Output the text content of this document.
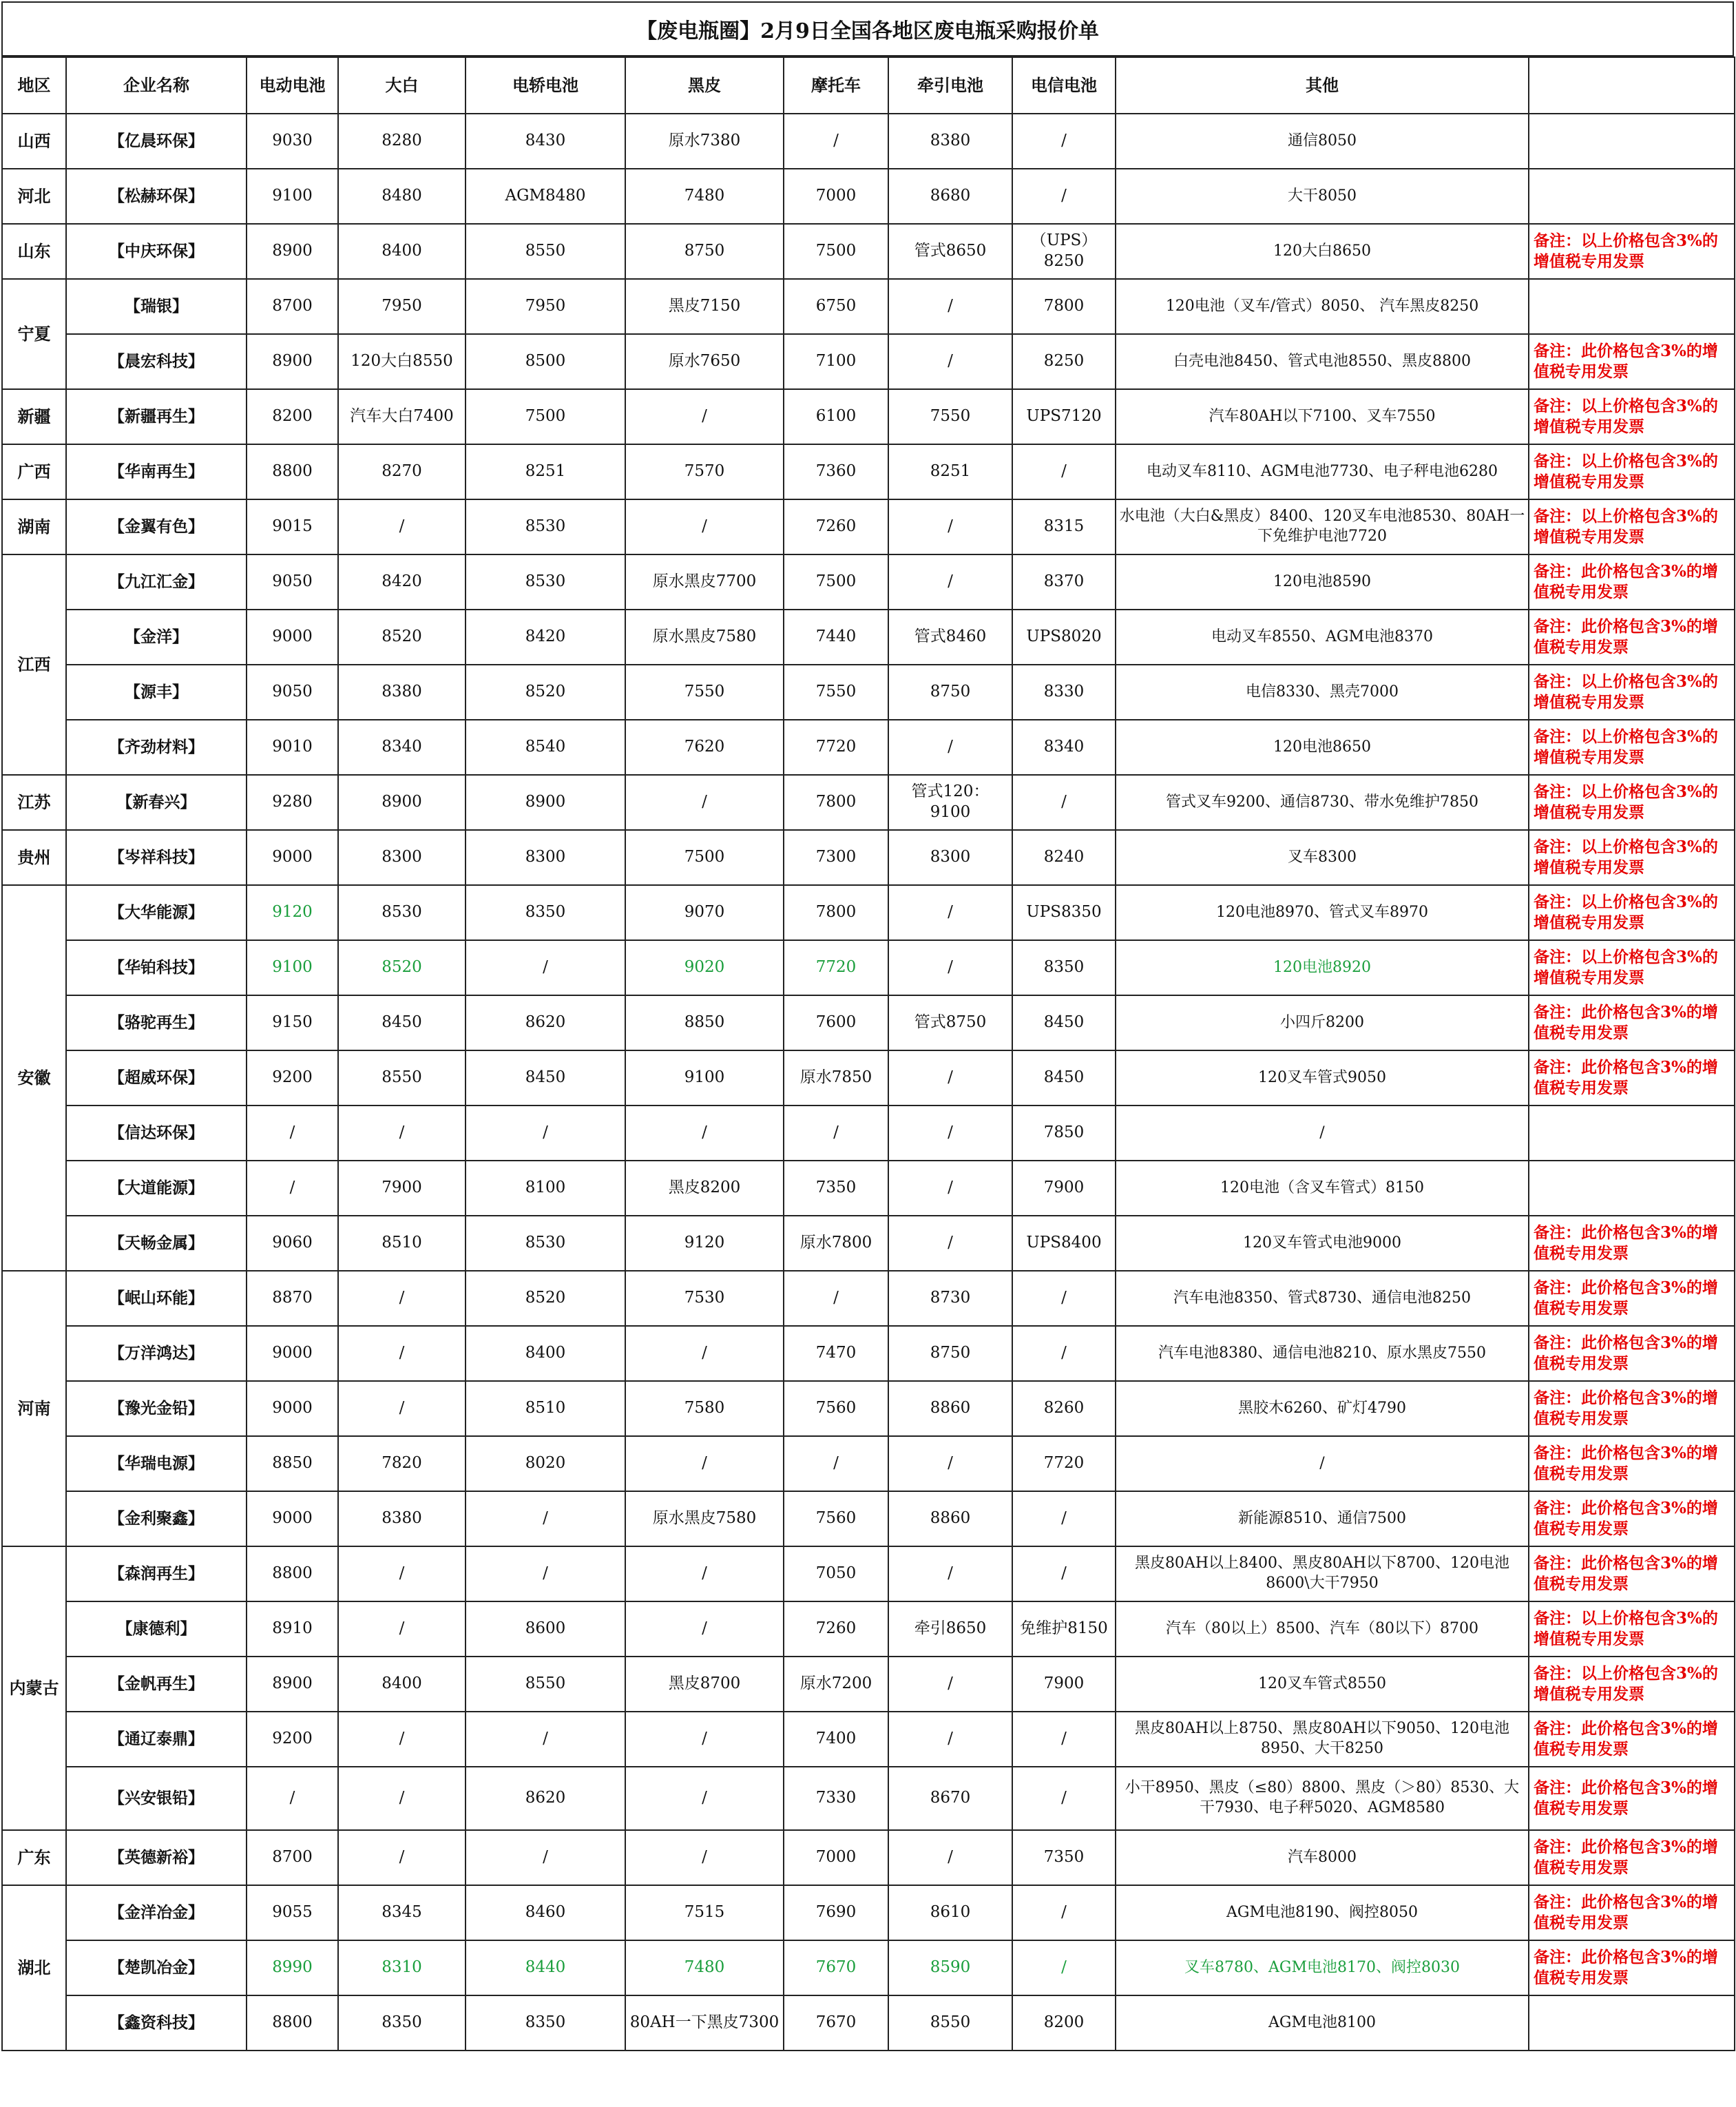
【废电瓶圈】2月9日全国各地区废电瓶采购报价单
地区	企业名称	电动电池	大白	电轿电池	黑皮	摩托车	牵引电池	电信电池	其他	
山西	【亿晨环保】	9030	8280	8430	原水7380	/	8380	/	通信8050	
河北	【松赫环保】	9100	8480	AGM8480	7480	7000	8680	/	大干8050	
山东	【中庆环保】	8900	8400	8550	8750	7500	管式8650	（UPS）8250	120大白8650	备注：以上价格包含3%的增值税专用发票
宁夏	【瑞银】	8700	7950	7950	黑皮7150	6750	/	7800	120电池（叉车/管式）8050、 汽车黑皮8250	
	【晨宏科技】	8900	120大白8550	8500	原水7650	7100	/	8250	白壳电池8450、管式电池8550、黑皮8800	备注：此价格包含3%的增值税专用发票
新疆	【新疆再生】	8200	汽车大白7400	7500	/	6100	7550	UPS7120	汽车80AH以下7100、叉车7550	备注：以上价格包含3%的增值税专用发票
广西	【华南再生】	8800	8270	8251	7570	7360	8251	/	电动叉车8110、AGM电池7730、电子秤电池6280	备注：以上价格包含3%的增值税专用发票
湖南	【金翼有色】	9015	/	8530	/	7260	/	8315	水电池（大白&黑皮）8400、120叉车电池8530、80AH一下免维护电池7720	备注：以上价格包含3%的增值税专用发票
江西	【九江汇金】	9050	8420	8530	原水黑皮7700	7500	/	8370	120电池8590	备注：此价格包含3%的增值税专用发票
	【金洋】	9000	8520	8420	原水黑皮7580	7440	管式8460	UPS8020	电动叉车8550、AGM电池8370	备注：此价格包含3%的增值税专用发票
	【源丰】	9050	8380	8520	7550	7550	8750	8330	电信8330、黑壳7000	备注：以上价格包含3%的增值税专用发票
	【齐劲材料】	9010	8340	8540	7620	7720	/	8340	120电池8650	备注：以上价格包含3%的增值税专用发票
江苏	【新春兴】	9280	8900	8900	/	7800	管式120：9100	/	管式叉车9200、通信8730、带水免维护7850	备注：以上价格包含3%的增值税专用发票
贵州	【岑祥科技】	9000	8300	8300	7500	7300	8300	8240	叉车8300	备注：以上价格包含3%的增值税专用发票
安徽	【大华能源】	9120	8530	8350	9070	7800	/	UPS8350	120电池8970、管式叉车8970	备注：以上价格包含3%的增值税专用发票
	【华铂科技】	9100	8520	/	9020	7720	/	8350	120电池8920	备注：以上价格包含3%的增值税专用发票
	【骆驼再生】	9150	8450	8620	8850	7600	管式8750	8450	小四斤8200	备注：此价格包含3%的增值税专用发票
	【超威环保】	9200	8550	8450	9100	原水7850	/	8450	120叉车管式9050	备注：此价格包含3%的增值税专用发票
	【信达环保】	/	/	/	/	/	/	7850	/	
	【大道能源】	/	7900	8100	黑皮8200	7350	/	7900	120电池（含叉车管式）8150	
	【天畅金属】	9060	8510	8530	9120	原水7800	/	UPS8400	120叉车管式电池9000	备注：此价格包含3%的增值税专用发票
河南	【岷山环能】	8870	/	8520	7530	/	8730	/	汽车电池8350、管式8730、通信电池8250	备注：此价格包含3%的增值税专用发票
	【万洋鸿达】	9000	/	8400	/	7470	8750	/	汽车电池8380、通信电池8210、原水黑皮7550	备注：此价格包含3%的增值税专用发票
	【豫光金铅】	9000	/	8510	7580	7560	8860	8260	黑胶木6260、矿灯4790	备注：此价格包含3%的增值税专用发票
	【华瑞电源】	8850	7820	8020	/	/	/	7720	/	备注：此价格包含3%的增值税专用发票
	【金利聚鑫】	9000	8380	/	原水黑皮7580	7560	8860	/	新能源8510、通信7500	备注：此价格包含3%的增值税专用发票
内蒙古	【森润再生】	8800	/	/	/	7050	/	/	黑皮80AH以上8400、黑皮80AH以下8700、120电池8600\大干7950	备注：此价格包含3%的增值税专用发票
	【康德利】	8910	/	8600	/	7260	牵引8650	免维护8150	汽车（80以上）8500、汽车（80以下）8700	备注：以上价格包含3%的增值税专用发票
	【金帆再生】	8900	8400	8550	黑皮8700	原水7200	/	7900	120叉车管式8550	备注：以上价格包含3%的增值税专用发票
	【通辽泰鼎】	9200	/	/	/	7400	/	/	黑皮80AH以上8750、黑皮80AH以下9050、120电池8950、大干8250	备注：此价格包含3%的增值税专用发票
	【兴安银铅】	/	/	8620	/	7330	8670	/	小干8950、黑皮（≤80）8800、黑皮（＞80）8530、大干7930、电子秤5020、AGM8580	备注：此价格包含3%的增值税专用发票
广东	【英德新裕】	8700	/	/	/	7000	/	7350	汽车8000	备注：此价格包含3%的增值税专用发票
湖北	【金洋冶金】	9055	8345	8460	7515	7690	8610	/	AGM电池8190、阀控8050	备注：此价格包含3%的增值税专用发票
	【楚凯冶金】	8990	8310	8440	7480	7670	8590	/	叉车8780、AGM电池8170、阀控8030	备注：此价格包含3%的增值税专用发票
	【鑫资科技】	8800	8350	8350	80AH一下黑皮7300	7670	8550	8200	AGM电池8100	
